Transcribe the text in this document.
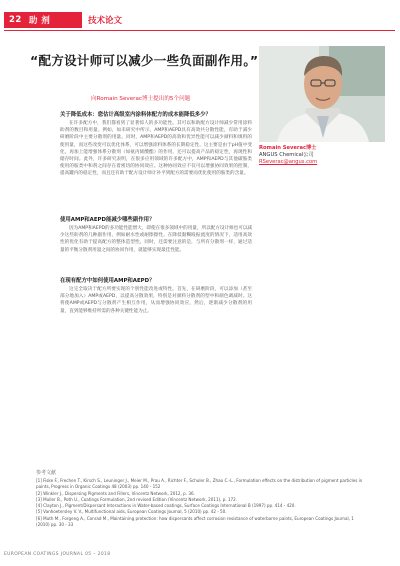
22 助 剂	技术论文
“配方设计师可以减少一些负面副作用。”
向Romain Severac博士提出的5个问题
Romain Severac博士
ANGUS Chemical公司
RSeverac@angus.com
关于降低成本：您估计高级室内涂料体配方的成本能降低多少？
在许多配方中，我们都看到了显著惊人的多功能性。其可以和助配方设计师减少常用涂料助剂的数目和用量。例如，如未研究中所示，AMP和AEPD具有高效共分散性能，有助于减少研磨阶段中主要分散剂的用量。同时，AMP和AEPD的高效和优异性能可以减少颜料和填料的使用量，而这些改变可以优化体系，可以增强涂料体系的长期稳定性。这主要是由于pH值中变化，再加上能增强体系分散剂（如氨丙烯酸酯）的作用，还可以提高产品的稳定性，再现性和储存时间。此外，许多研究表明，在很多应用领域的许多配方中，AMP和AEPD与其他碳胺类使用的胺类中和剂之间存在着密切的协同效应。这种协同效应不仅可以增强协同效果的控制，提高罐内的稳定性，而且还有助于配方设计师计补平到配方的需要而优化使用的胺类的含量。
使用AMP和AEPD能减少哪些副作用？
因为AMP和AEPD的多功能性能增大，即使在很多领域中的用量，所以配方设计师也可以减少这些助剂的几种副作用，例如耐水性或耐擦擦性。在降低黏糊殴振流度的情况下，适用高效性的优化有助于提高配方的整体造型性。同时，还需要注意的是，与所有分散剂一样，通过适量的平衡分散剂用量之间的协同作用，就能够实现最佳性能。
在现有配方中如何使用AMP和AEPD？
这完全取决于配方所要实现的个别性能改进或特性。首先，在研磨阶段，可以添加（甚至部分地加入）AMP或AEPD，以提高分散效果，特别是对颜料分散剂的型中和颜色调减时。这将使AMP或AEPD与分散剂产生相互作用，从而增强协同效应，然后，逐渐减少分散剂的用量，直到能够维持所需的各种关键性能为止。
参考文献
[1] Fiske F., Frechen T., Kirsch S., Leuninger J., Meier M., Prau A., Richter F., Schuler B., Zhao C.-L., Formulation effects on the distribution of pigment particles in paints, Progress in Organic Coatings 48 (2003) pp. 140 - 152
[2] Winkler J., Dispersing Pigments and Fillers, Vincentz Network, 2012, p. 36.
[3] Muller B., Poth U., Coatings Formulation, 2nd revised Edition (Vincentz Network, 2011), p. 172.
[4] Clayton J., Pigment/Dispersant Interactions in Water-based coatings, Surface Coatings International B (1997) pp. 414 - 420.
[5] Vanhoetersley V. V., Multifunctional aids, European Coatings Journal, 5 (2010) pp. 42 - 50.
[6] Muth M., Forgeng A., Conrad M., Maintaining protection: how dispersants affect corrosion resistance of waterborne paints, European Coatings Journal, 1 (2010) pp. 30 - 33
EUROPEAN COATINGS JOURNAL 05 – 2018
